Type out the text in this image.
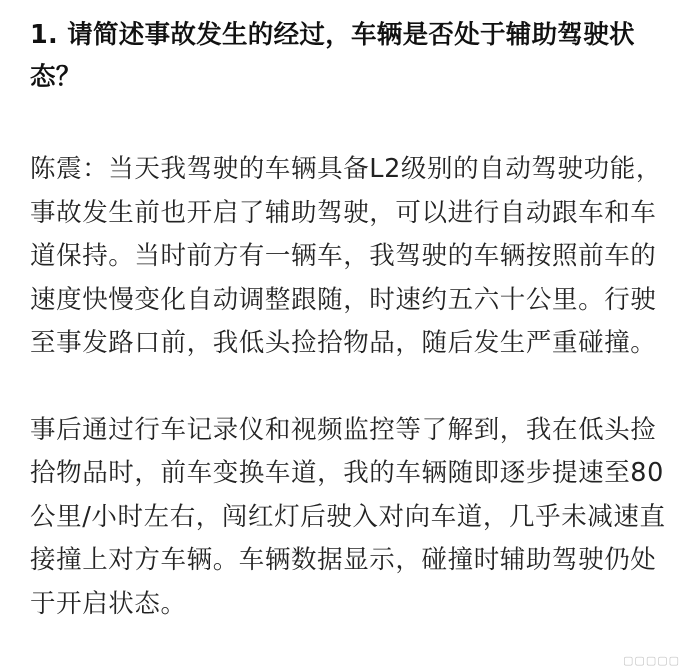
1. 请简述事故发生的经过，车辆是否处于辅助驾驶状态？

陈震：当天我驾驶的车辆具备L2级别的自动驾驶功能，事故发生前也开启了辅助驾驶，可以进行自动跟车和车道保持。当时前方有一辆车，我驾驶的车辆按照前车的速度快慢变化自动调整跟随，时速约五六十公里。行驶至事发路口前，我低头捡拾物品，随后发生严重碰撞。

事后通过行车记录仪和视频监控等了解到，我在低头捡拾物品时，前车变换车道，我的车辆随即逐步提速至80公里/小时左右，闯红灯后驶入对向车道，几乎未减速直接撞上对方车辆。车辆数据显示，碰撞时辅助驾驶仍处于开启状态。

▢▢▢▢▢
